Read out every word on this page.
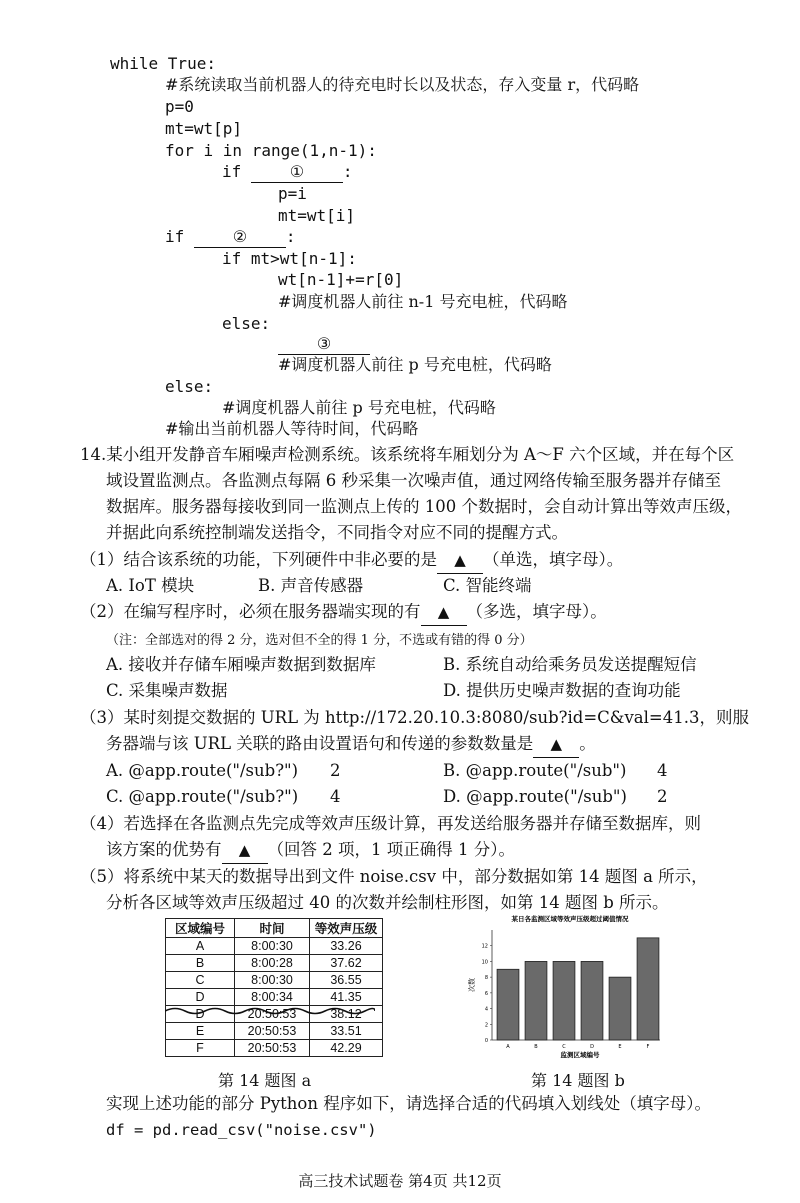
while True:
#系统读取当前机器人的待充电时长以及状态，存入变量 r，代码略
p=0
mt=wt[p]
for i in range(1,n-1):
if ① :
p=i
mt=wt[i]
if ② :
if mt>wt[n-1]:
wt[n-1]+=r[0]
#调度机器人前往 n-1 号充电桩，代码略
else:
③
#调度机器人前往 p 号充电桩，代码略
else:
#调度机器人前往 p 号充电桩，代码略
#输出当前机器人等待时间，代码略
14.某小组开发静音车厢噪声检测系统。该系统将车厢划分为 A～F 六个区域，并在每个区
域设置监测点。各监测点每隔 6 秒采集一次噪声值，通过网络传输至服务器并存储至
数据库。服务器每接收到同一监测点上传的 100 个数据时，会自动计算出等效声压级，
并据此向系统控制端发送指令，不同指令对应不同的提醒方式。
（1）结合该系统的功能，下列硬件中非必要的是 ▲ （单选，填字母）。
A. IoT 模块	B. 声音传感器	C. 智能终端
（2）在编写程序时，必须在服务器端实现的有 ▲ （多选，填字母）。
（注：全部选对的得 2 分，选对但不全的得 1 分，不选或有错的得 0 分）
A. 接收并存储车厢噪声数据到数据库	B. 系统自动给乘务员发送提醒短信
C. 采集噪声数据	D. 提供历史噪声数据的查询功能
（3）某时刻提交数据的 URL 为 http://172.20.10.3:8080/sub?id=C&val=41.3，则服
务器端与该 URL 关联的路由设置语句和传递的参数数量是 ▲ 。
A. @app.route("/sub?") 2	B. @app.route("/sub") 4
C. @app.route("/sub?") 4	D. @app.route("/sub") 2
（4）若选择在各监测点先完成等效声压级计算，再发送给服务器并存储至数据库，则
该方案的优势有 ▲ （回答 2 项，1 项正确得 1 分）。
（5）将系统中某天的数据导出到文件 noise.csv 中，部分数据如第 14 题图 a 所示，
分析各区域等效声压级超过 40 的次数并绘制柱形图，如第 14 题图 b 所示。
区域编号	时间	等效声压级
A	8:00:30	33.26
B	8:00:28	37.62
C	8:00:30	36.55
D	8:00:34	41.35
D	20:50:53	38.12
E	20:50:53	33.51
F	20:50:53	42.29
某日各监测区域等效声压级超过阈值情况
0
2
4
6
8
10
12
次数
A	B	C	D	E	F
监测区域编号
第 14 题图 a	第 14 题图 b
实现上述功能的部分 Python 程序如下，请选择合适的代码填入划线处（填字母）。
df = pd.read_csv("noise.csv")
高三技术试题卷 第4页 共12页
